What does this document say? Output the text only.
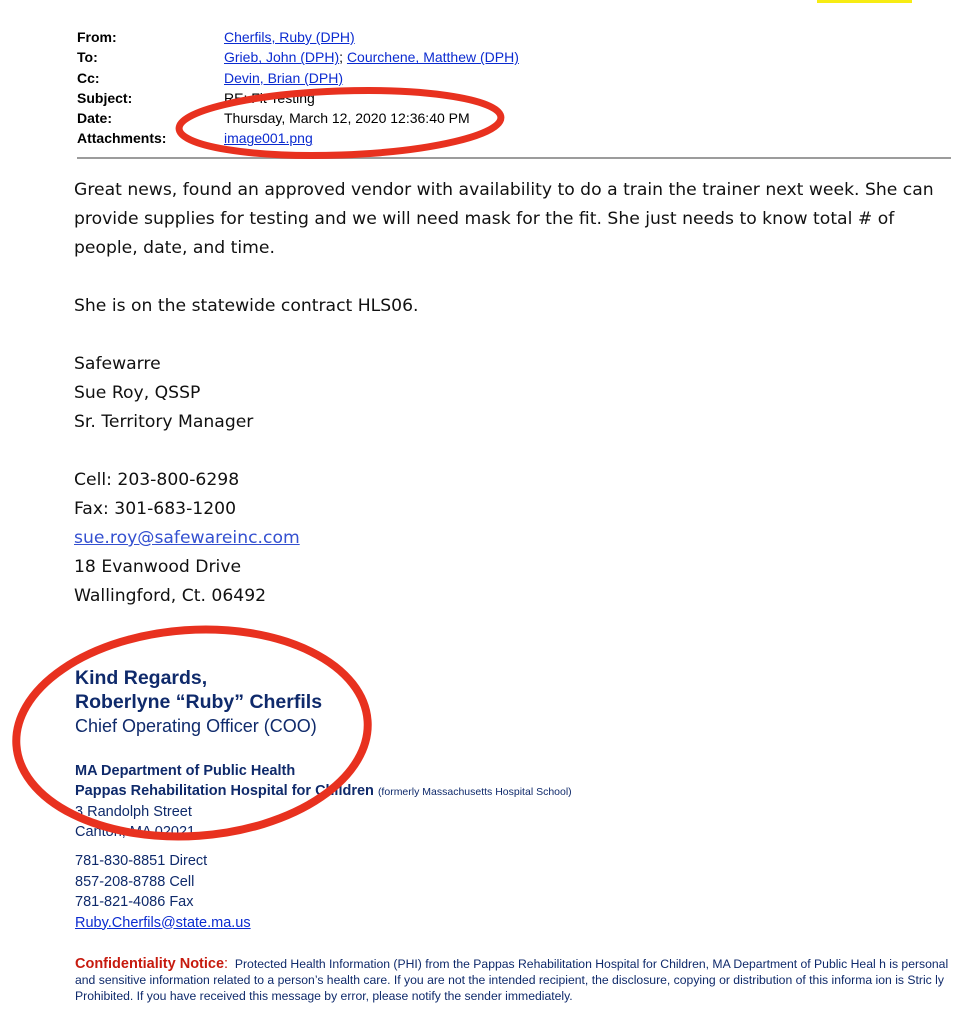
From:	Cherfils, Ruby (DPH)
To:	Grieb, John (DPH); Courchene, Matthew (DPH)
Cc:	Devin, Brian (DPH)
Subject:	RE: Fit Testing
Date:	Thursday, March 12, 2020 12:36:40 PM
Attachments:	image001.png

Great news, found an approved vendor with availability to do a train the trainer next week. She can provide supplies for testing and we will need mask for the fit. She just needs to know total # of people, date, and time.

She is on the statewide contract HLS06.

Safewarre

Sue Roy, QSSP

Sr. Territory Manager

Cell: 203-800-6298

Fax: 301-683-1200

sue.roy@safewareinc.com

18 Evanwood Drive

Wallingford, Ct. 06492

Kind Regards,
Roberlyne “Ruby” Cherfils
Chief Operating Officer (COO)
MA Department of Public Health
Pappas Rehabilitation Hospital for Children (formerly Massachusetts Hospital School)
3 Randolph Street
Canton, MA 02021
781-830-8851 Direct
857-208-8788 Cell
781-821-4086 Fax
Ruby.Cherfils@state.ma.us
Confidentiality Notice: Protected Health Information (PHI) from the Pappas Rehabilitation Hospital for Children, MA Department of Public Heal h is personal and sensitive information related to a person’s health care. If you are not the intended recipient, the disclosure, copying or distribution of this informa ion is Stric ly Prohibited. If you have received this message by error, please notify the sender immediately.
